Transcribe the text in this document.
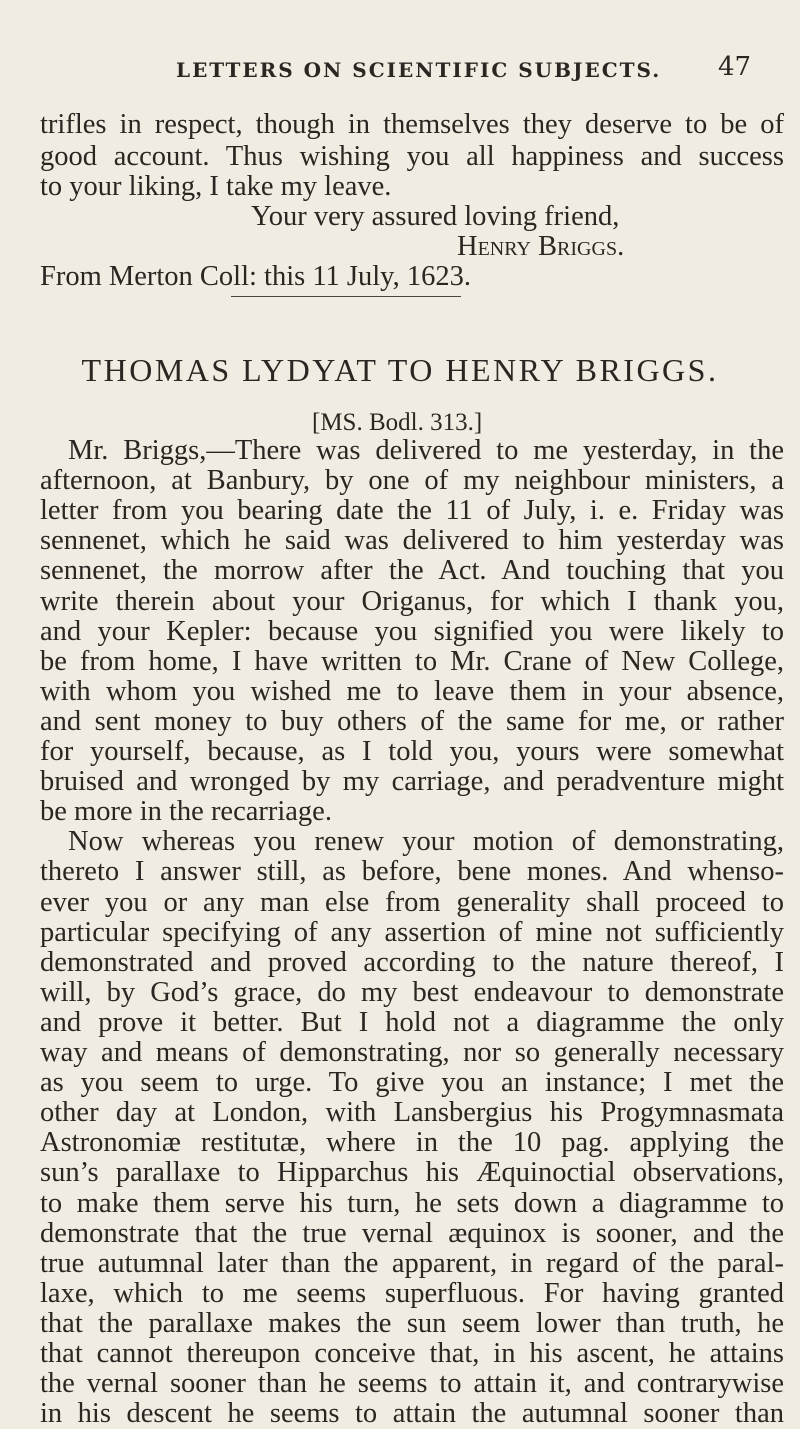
LETTERS ON SCIENTIFIC SUBJECTS. 47
trifles in respect, though in themselves they deserve to be of
good account. Thus wishing you all happiness and success
to your liking, I take my leave.
Your very assured loving friend,
Henry Briggs.
From Merton Coll: this 11 July, 1623.
THOMAS LYDYAT TO HENRY BRIGGS.
[MS. Bodl. 313.]
Mr. Briggs,—There was delivered to me yesterday, in the
afternoon, at Banbury, by one of my neighbour ministers, a
letter from you bearing date the 11 of July, i. e. Friday was
sennenet, which he said was delivered to him yesterday was
sennenet, the morrow after the Act. And touching that you
write therein about your Origanus, for which I thank you,
and your Kepler: because you signified you were likely to
be from home, I have written to Mr. Crane of New College,
with whom you wished me to leave them in your absence,
and sent money to buy others of the same for me, or rather
for yourself, because, as I told you, yours were somewhat
bruised and wronged by my carriage, and peradventure might
be more in the recarriage.
Now whereas you renew your motion of demonstrating,
thereto I answer still, as before, bene mones. And whenso-
ever you or any man else from generality shall proceed to
particular specifying of any assertion of mine not sufficiently
demonstrated and proved according to the nature thereof, I
will, by God’s grace, do my best endeavour to demonstrate
and prove it better. But I hold not a diagramme the only
way and means of demonstrating, nor so generally necessary
as you seem to urge. To give you an instance; I met the
other day at London, with Lansbergius his Progymnasmata
Astronomiæ restitutæ, where in the 10 pag. applying the
sun’s parallaxe to Hipparchus his Æquinoctial observations,
to make them serve his turn, he sets down a diagramme to
demonstrate that the true vernal æquinox is sooner, and the
true autumnal later than the apparent, in regard of the paral-
laxe, which to me seems superfluous. For having granted
that the parallaxe makes the sun seem lower than truth, he
that cannot thereupon conceive that, in his ascent, he attains
the vernal sooner than he seems to attain it, and contrarywise
in his descent he seems to attain the autumnal sooner than
